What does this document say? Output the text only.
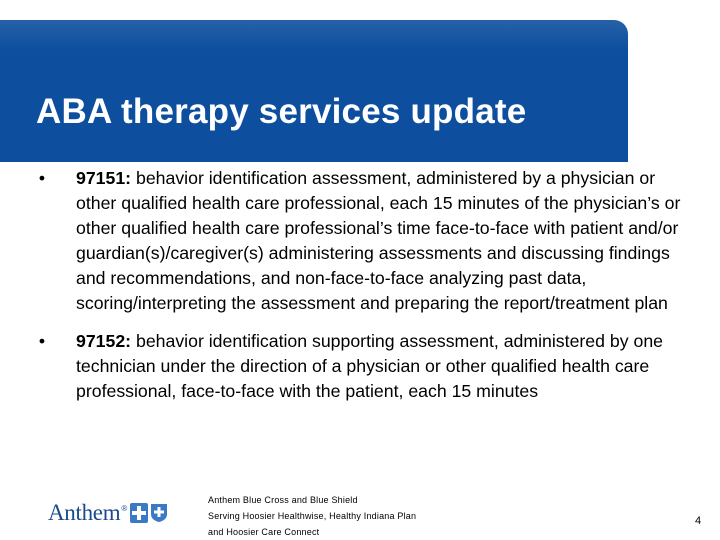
ABA therapy services update
•	97151: behavior identification assessment, administered by a physician or other qualified health care professional, each 15 minutes of the physician’s or other qualified health care professional’s time face-to-face with patient and/or guardian(s)/caregiver(s) administering assessments and discussing findings and recommendations, and non-face-to-face analyzing past data, scoring/interpreting the assessment and preparing the report/treatment plan
•	97152: behavior identification supporting assessment, administered by one technician under the direction of a physician or other qualified health care professional, face-to-face with the patient, each 15 minutes
Anthem ®
Anthem Blue Cross and Blue Shield
Serving Hoosier Healthwise, Healthy Indiana Plan
and Hoosier Care Connect
4
